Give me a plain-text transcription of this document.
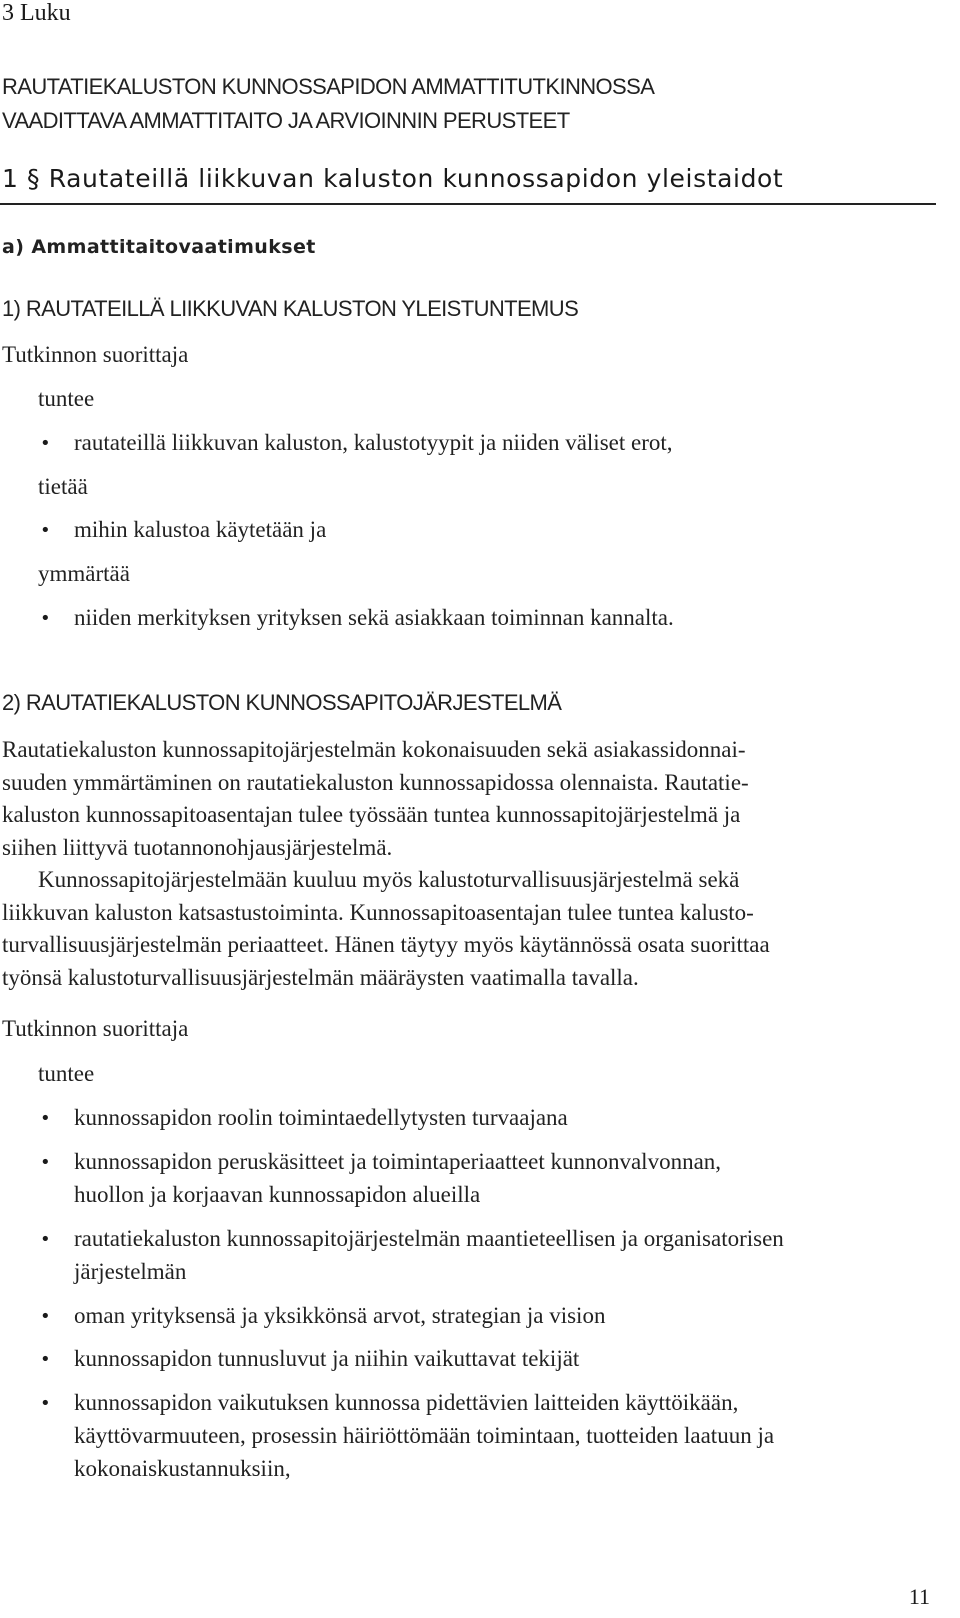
3 Luku
RAUTATIEKALUSTON KUNNOSSAPIDON AMMATTITUTKINNOSSA
VAADITTAVA AMMATTITAITO JA ARVIOINNIN PERUSTEET
1 § Rautateillä liikkuvan kaluston kunnossapidon yleistaidot
a) Ammattitaitovaatimukset
1) RAUTATEILLÄ LIIKKUVAN KALUSTON YLEISTUNTEMUS
Tutkinnon suorittaja
tuntee
• rautateillä liikkuvan kaluston, kalustotyypit ja niiden väliset erot,
tietää
• mihin kalustoa käytetään ja
ymmärtää
• niiden merkityksen yrityksen sekä asiakkaan toiminnan kannalta.
2) RAUTATIEKALUSTON KUNNOSSAPITOJÄRJESTELMÄ
Rautatiekaluston kunnossapitojärjestelmän kokonaisuuden sekä asiakassidonnai-
suuden ymmärtäminen on rautatiekaluston kunnossapidossa olennaista. Rautatie-
kaluston kunnossapitoasentajan tulee työssään tuntea kunnossapitojärjestelmä ja
siihen liittyvä tuotannonohjausjärjestelmä.
Kunnossapitojärjestelmään kuuluu myös kalustoturvallisuusjärjestelmä sekä
liikkuvan kaluston katsastustoiminta. Kunnossapitoasentajan tulee tuntea kalusto-
turvallisuusjärjestelmän periaatteet. Hänen täytyy myös käytännössä osata suorittaa
työnsä kalustoturvallisuusjärjestelmän määräysten vaatimalla tavalla.
Tutkinnon suorittaja
tuntee
• kunnossapidon roolin toimintaedellytysten turvaajana
• kunnossapidon peruskäsitteet ja toimintaperiaatteet kunnonvalvonnan,
huollon ja korjaavan kunnossapidon alueilla
• rautatiekaluston kunnossapitojärjestelmän maantieteellisen ja organisatorisen
järjestelmän
• oman yrityksensä ja yksikkönsä arvot, strategian ja vision
• kunnossapidon tunnusluvut ja niihin vaikuttavat tekijät
• kunnossapidon vaikutuksen kunnossa pidettävien laitteiden käyttöikään,
käyttövarmuuteen, prosessin häiriöttömään toimintaan, tuotteiden laatuun ja
kokonaiskustannuksiin,
11
